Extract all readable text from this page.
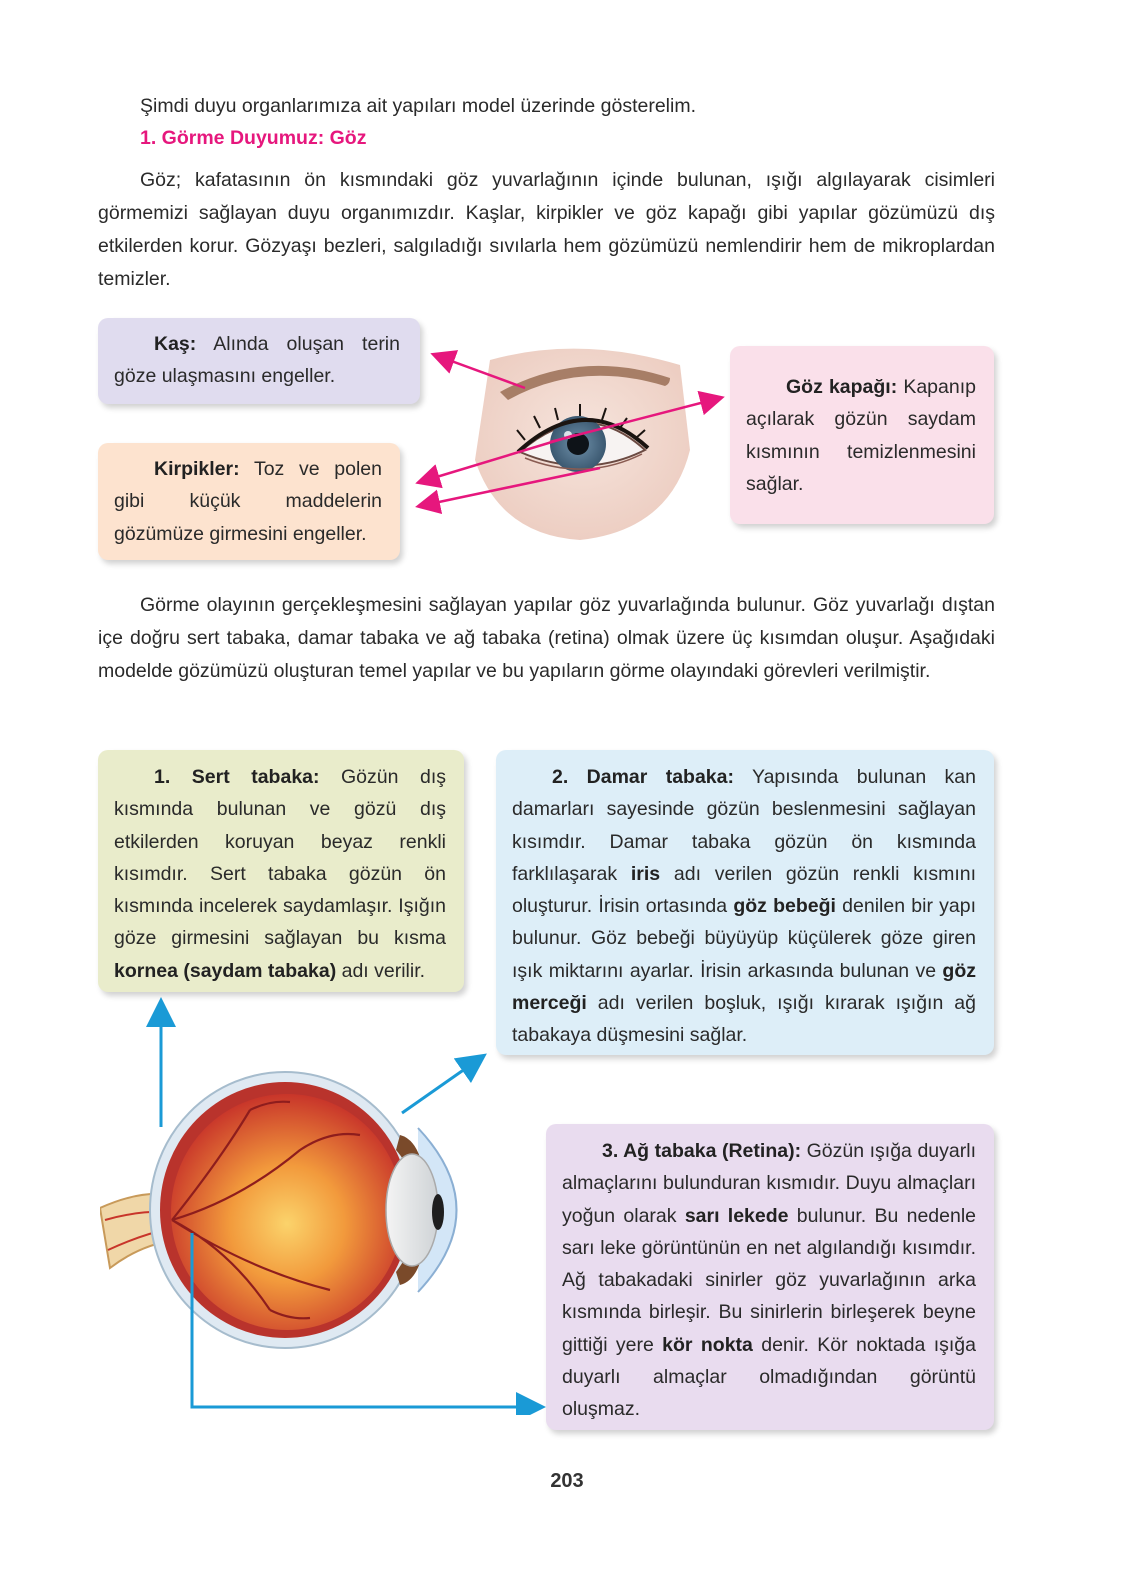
Şimdi duyu organlarımıza ait yapıları model üzerinde gösterelim.

1. Görme Duyumuz: Göz

Göz; kafatasının ön kısmındaki göz yuvarlağının içinde bulunan, ışığı algılayarak cisimleri görmemizi sağlayan duyu organımızdır. Kaşlar, kirpikler ve göz kapağı gibi yapılar gözümüzü dış etkilerden korur. Gözyaşı bezleri, salgıladığı sıvılarla hem gözümüzü nemlendirir hem de mikroplardan temizler.

Kaş: Alında oluşan terin göze ulaşmasını engeller.

Kirpikler: Toz ve polen gibi küçük maddelerin gözümüze girmesini engeller.

Göz kapağı: Kapanıp açılarak gözün saydam kısmının temizlenmesini sağlar.

Görme olayının gerçekleşmesini sağlayan yapılar göz yuvarlağında bulunur. Göz yuvarlağı dıştan içe doğru sert tabaka, damar tabaka ve ağ tabaka (retina) olmak üzere üç kısımdan oluşur. Aşağıdaki modelde gözümüzü oluşturan temel yapılar ve bu yapıların görme olayındaki görevleri verilmiştir.

1. Sert tabaka: Gözün dış kısmında bulunan ve gözü dış etkilerden koruyan beyaz renkli kısımdır. Sert tabaka gözün ön kısmında incelerek saydamlaşır. Işığın göze girmesini sağlayan bu kısma kornea (saydam tabaka) adı verilir.

2. Damar tabaka: Yapısında bulunan kan damarları sayesinde gözün beslenmesini sağlayan kısımdır. Damar tabaka gözün ön kısmında farklılaşarak iris adı verilen gözün renkli kısmını oluşturur. İrisin ortasında göz bebeği denilen bir yapı bulunur. Göz bebeği büyüyüp küçülerek göze giren ışık miktarını ayarlar. İrisin arkasında bulunan ve göz merceği adı verilen boşluk, ışığı kırarak ışığın ağ tabakaya düşmesini sağlar.

3. Ağ tabaka (Retina): Gözün ışığa duyarlı almaçlarını bulunduran kısmıdır. Duyu almaçları yoğun olarak sarı lekede bulunur. Bu nedenle sarı leke görüntünün en net algılandığı kısımdır. Ağ tabakadaki sinirler göz yuvarlağının arka kısmında birleşir. Bu sinirlerin birleşerek beyne gittiği yere kör nokta denir. Kör noktada ışığa duyarlı almaçlar olmadığından görüntü oluşmaz.

203
